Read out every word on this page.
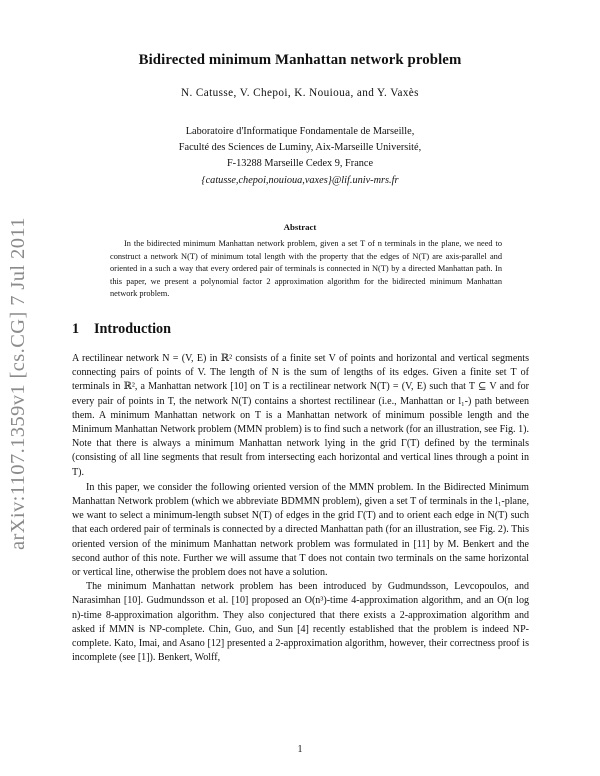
arXiv:1107.1359v1 [cs.CG] 7 Jul 2011
Bidirected minimum Manhattan network problem
N. Catusse, V. Chepoi, K. Nouioua, and Y. Vaxès
Laboratoire d'Informatique Fondamentale de Marseille,
Faculté des Sciences de Luminy, Aix-Marseille Université,
F-13288 Marseille Cedex 9, France
{catusse,chepoi,nouioua,vaxes}@lif.univ-mrs.fr
Abstract

In the bidirected minimum Manhattan network problem, given a set T of n terminals in the plane, we need to construct a network N(T) of minimum total length with the property that the edges of N(T) are axis-parallel and oriented in a such a way that every ordered pair of terminals is connected in N(T) by a directed Manhattan path. In this paper, we present a polynomial factor 2 approximation algorithm for the bidirected minimum Manhattan network problem.

1 Introduction

A rectilinear network N = (V, E) in ℝ² consists of a finite set V of points and horizontal and vertical segments connecting pairs of points of V. The length of N is the sum of lengths of its edges. Given a finite set T of terminals in ℝ², a Manhattan network [10] on T is a rectilinear network N(T) = (V, E) such that T ⊆ V and for every pair of points in T, the network N(T) contains a shortest rectilinear (i.e., Manhattan or l₁-) path between them. A minimum Manhattan network on T is a Manhattan network of minimum possible length and the Minimum Manhattan Network problem (MMN problem) is to find such a network (for an illustration, see Fig. 1). Note that there is always a minimum Manhattan network lying in the grid Γ(T) defined by the terminals (consisting of all line segments that result from intersecting each horizontal and vertical lines through a point in T).

In this paper, we consider the following oriented version of the MMN problem. In the Bidirected Minimum Manhattan Network problem (which we abbreviate BDMMN problem), given a set T of terminals in the l₁-plane, we want to select a minimum-length subset N(T) of edges in the grid Γ(T) and to orient each edge in N(T) such that each ordered pair of terminals is connected by a directed Manhattan path (for an illustration, see Fig. 2). This oriented version of the minimum Manhattan network problem was formulated in [11] by M. Benkert and the second author of this note. Further we will assume that T does not contain two terminals on the same horizontal or vertical line, otherwise the problem does not have a solution.

The minimum Manhattan network problem has been introduced by Gudmundsson, Levcopoulos, and Narasimhan [10]. Gudmundsson et al. [10] proposed an O(n³)-time 4-approximation algorithm, and an O(n log n)-time 8-approximation algorithm. They also conjectured that there exists a 2-approximation algorithm and asked if MMN is NP-complete. Chin, Guo, and Sun [4] recently established that the problem is indeed NP-complete. Kato, Imai, and Asano [12] presented a 2-approximation algorithm, however, their correctness proof is incomplete (see [1]). Benkert, Wolff,

1
